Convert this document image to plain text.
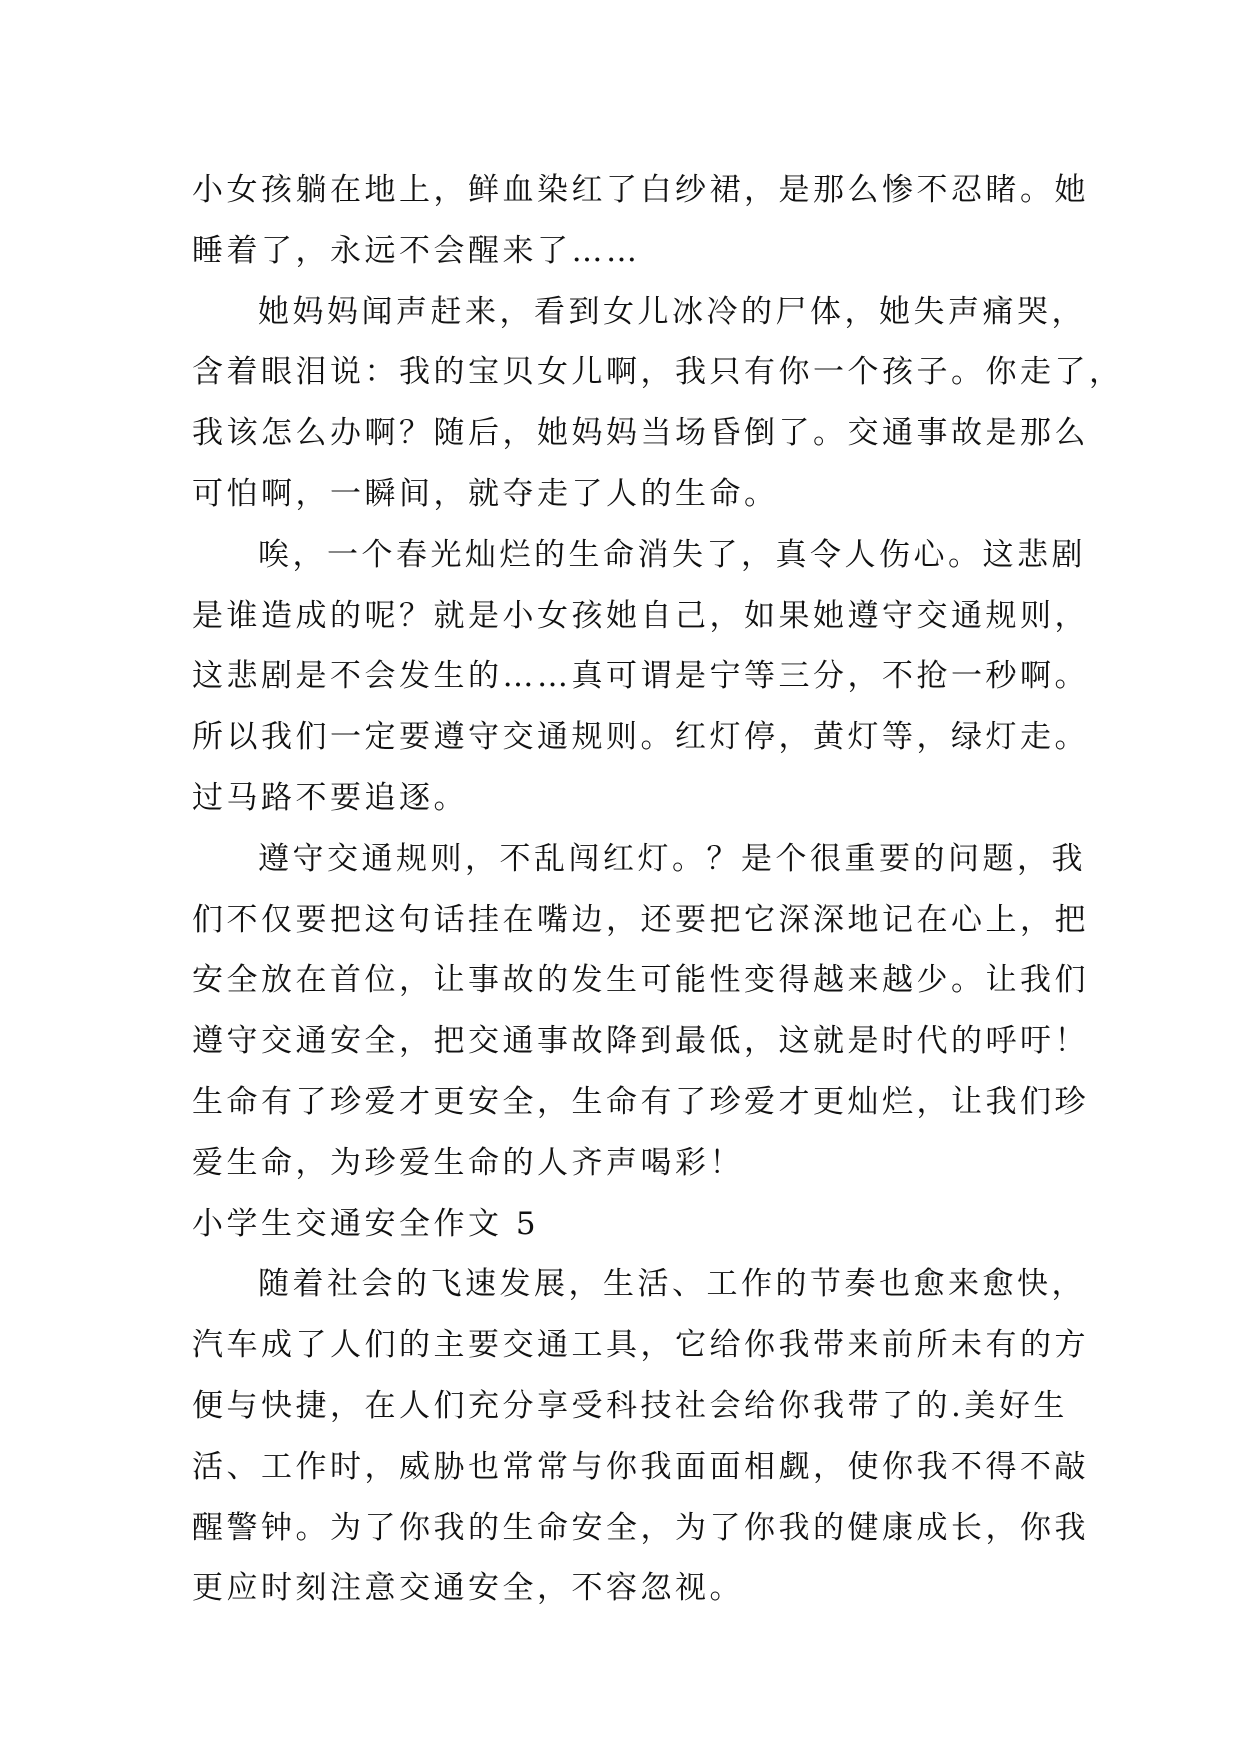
小女孩躺在地上，鲜血染红了白纱裙，是那么惨不忍睹。她
睡着了，永远不会醒来了……
她妈妈闻声赶来，看到女儿冰冷的尸体，她失声痛哭，
含着眼泪说：我的宝贝女儿啊，我只有你一个孩子。你走了，
我该怎么办啊？随后，她妈妈当场昏倒了。交通事故是那么
可怕啊，一瞬间，就夺走了人的生命。
唉，一个春光灿烂的生命消失了，真令人伤心。这悲剧
是谁造成的呢？就是小女孩她自己，如果她遵守交通规则，
这悲剧是不会发生的……真可谓是宁等三分，不抢一秒啊。
所以我们一定要遵守交通规则。红灯停，黄灯等，绿灯走。
过马路不要追逐。
遵守交通规则，不乱闯红灯。？是个很重要的问题，我
们不仅要把这句话挂在嘴边，还要把它深深地记在心上，把
安全放在首位，让事故的发生可能性变得越来越少。让我们
遵守交通安全，把交通事故降到最低，这就是时代的呼吁！
生命有了珍爱才更安全，生命有了珍爱才更灿烂，让我们珍
爱生命，为珍爱生命的人齐声喝彩！
小学生交通安全作文 5
随着社会的飞速发展，生活、工作的节奏也愈来愈快，
汽车成了人们的主要交通工具，它给你我带来前所未有的方
便与快捷，在人们充分享受科技社会给你我带了的.美好生
活、工作时，威胁也常常与你我面面相觑，使你我不得不敲
醒警钟。为了你我的生命安全，为了你我的健康成长，你我
更应时刻注意交通安全，不容忽视。
